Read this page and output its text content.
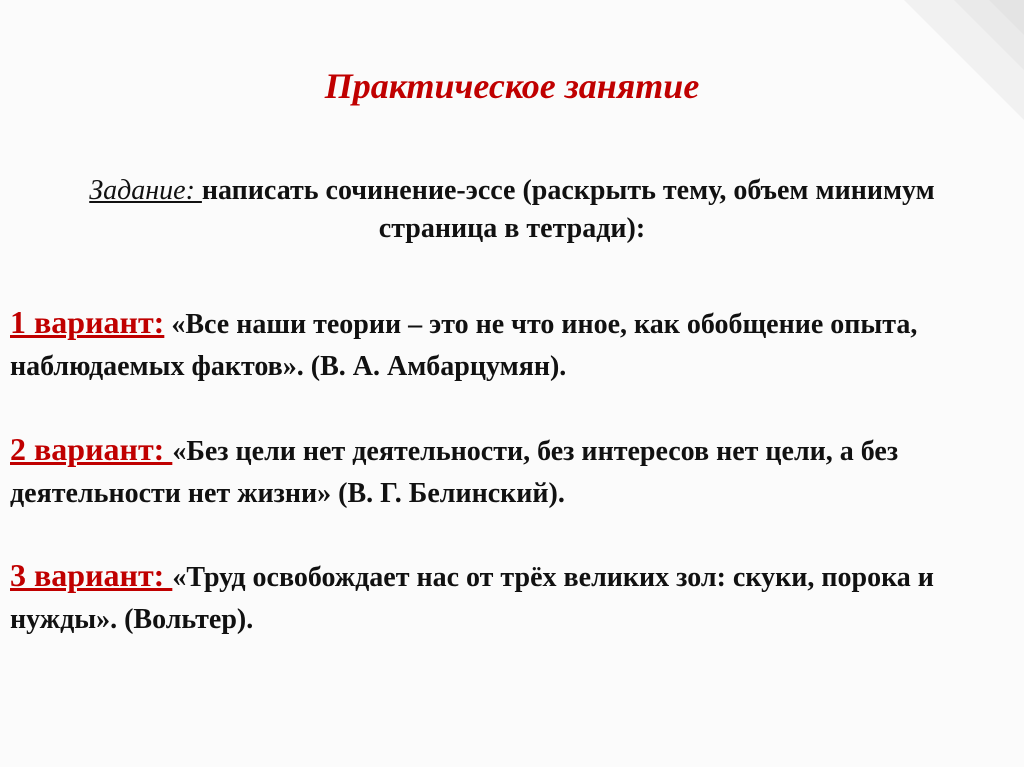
Практическое занятие
Задание: написать сочинение-эссе (раскрыть тему, объем минимум страница в тетради):
1 вариант: «Все наши теории – это не что иное, как обобщение опыта, наблюдаемых фактов». (В. А. Амбарцумян).
2 вариант: «Без цели нет деятельности, без интересов нет цели, а без деятельности нет жизни» (В. Г. Белинский).
3 вариант: «Труд освобождает нас от трёх великих зол: скуки, порока и нужды». (Вольтер).
